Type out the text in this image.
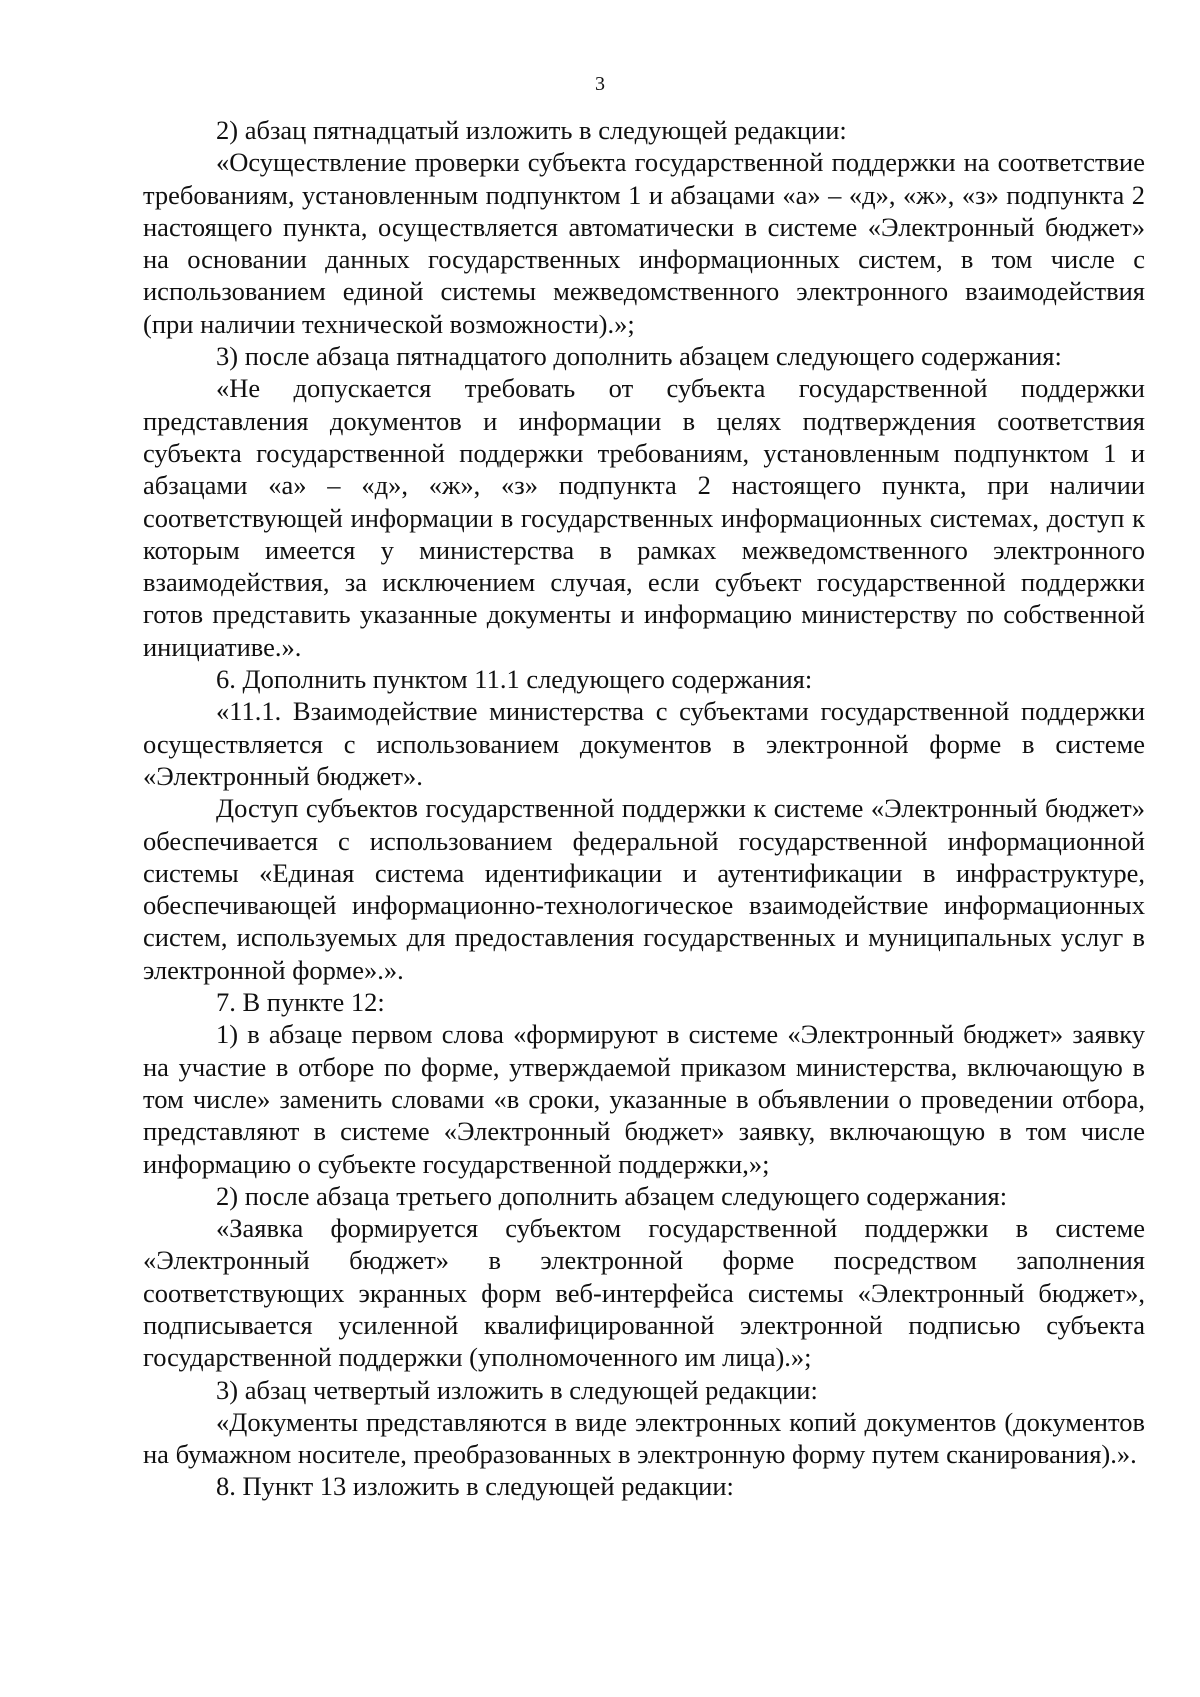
3

2) абзац пятнадцатый изложить в следующей редакции:

«Осуществление проверки субъекта государственной поддержки на соответствие требованиям, установленным подпунктом 1 и абзацами «а» – «д», «ж», «з» подпункта 2 настоящего пункта, осуществляется автоматически в системе «Электронный бюджет» на основании данных государственных информационных систем, в том числе с использованием единой системы межведомственного электронного взаимодействия (при наличии технической возможности).»;

3) после абзаца пятнадцатого дополнить абзацем следующего содержания:

«Не допускается требовать от субъекта государственной поддержки представления документов и информации в целях подтверждения соответствия субъекта государственной поддержки требованиям, установленным подпунктом 1 и абзацами «а» – «д», «ж», «з» подпункта 2 настоящего пункта, при наличии соответствующей информации в государственных информационных системах, доступ к которым имеется у министерства в рамках межведомственного электронного взаимодействия, за исключением случая, если субъект государственной поддержки готов представить указанные документы и информацию министерству по собственной инициативе.».

6. Дополнить пунктом 11.1 следующего содержания:

«11.1. Взаимодействие министерства с субъектами государственной поддержки осуществляется с использованием документов в электронной форме в системе «Электронный бюджет».

Доступ субъектов государственной поддержки к системе «Электронный бюджет» обеспечивается с использованием федеральной государственной информационной системы «Единая система идентификации и аутентификации в инфраструктуре, обеспечивающей информационно-технологическое взаимодействие информационных систем, используемых для предоставления государственных и муниципальных услуг в электронной форме».».

7. В пункте 12:

1) в абзаце первом слова «формируют в системе «Электронный бюджет» заявку на участие в отборе по форме, утверждаемой приказом министерства, включающую в том числе» заменить словами «в сроки, указанные в объявлении о проведении отбора, представляют в системе «Электронный бюджет» заявку, включающую в том числе информацию о субъекте государственной поддержки,»;

2) после абзаца третьего дополнить абзацем следующего содержания:

«Заявка формируется субъектом государственной поддержки в системе «Электронный бюджет» в электронной форме посредством заполнения соответствующих экранных форм веб-интерфейса системы «Электронный бюджет», подписывается усиленной квалифицированной электронной подписью субъекта государственной поддержки (уполномоченного им лица).»;

3) абзац четвертый изложить в следующей редакции:

«Документы представляются в виде электронных копий документов (документов на бумажном носителе, преобразованных в электронную форму путем сканирования).».

8. Пункт 13 изложить в следующей редакции:
